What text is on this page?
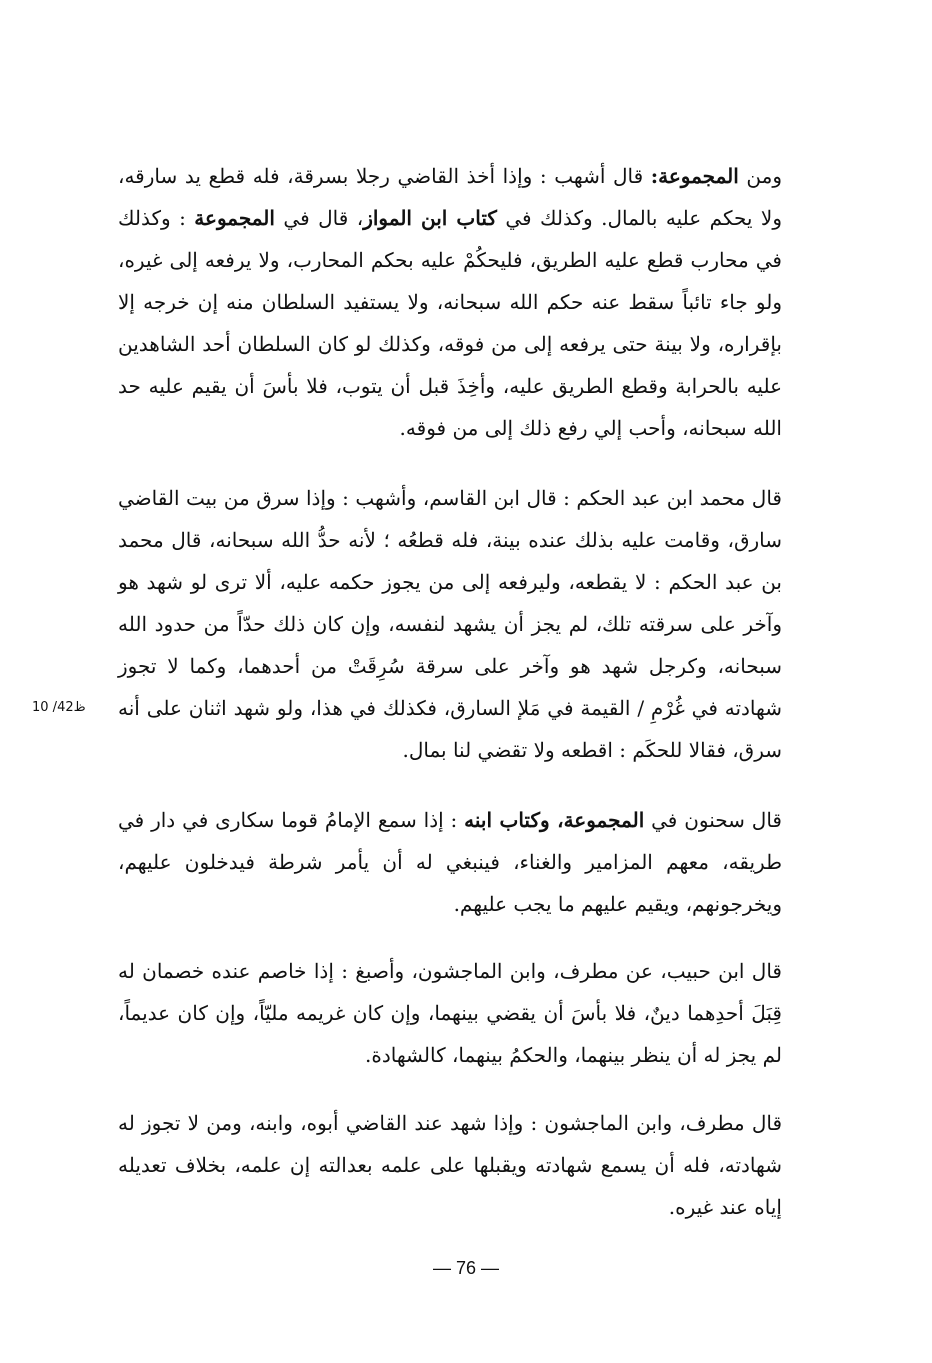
ومن المجموعة: قال أشهب : وإذا أخذ القاضي رجلا بسرقة، فله قطع يد سارقه، ولا يحكم عليه بالمال. وكذلك في كتاب ابن المواز، قال في المجموعة : وكذلك في محارب قطع عليه الطريق، فليحكُمْ عليه بحكم المحارب، ولا يرفعه إلى غيره، ولو جاء تائباً سقط عنه حكم الله سبحانه، ولا يستفيد السلطان منه إن خرجه إلا بإقراره، ولا بينة حتى يرفعه إلى من فوقه، وكذلك لو كان السلطان أحد الشاهدين عليه بالحرابة وقطع الطريق عليه، وأخِذَ قبل أن يتوب، فلا بأسَ أن يقيم عليه حد الله سبحانه، وأحب إلي رفع ذلك إلى من فوقه.

قال محمد ابن عبد الحكم : قال ابن القاسم، وأشهب : وإذا سرق من بيت القاضي سارق، وقامت عليه بذلك عنده بينة، فله قطعُه ؛ لأنه حدُّ الله سبحانه، قال محمد بن عبد الحكم : لا يقطعه، وليرفعه إلى من يجوز حكمه عليه، ألا ترى لو شهد هو وآخر على سرقته تلك، لم يجز أن يشهد لنفسه، وإن كان ذلك حدّاً من حدود الله سبحانه، وكرجل شهد هو وآخر على سرقة سُرِقَتْ من أحدهما، وكما لا تجوز شهادته في غُرْمِ / القيمة في مَلإ السارق، فكذلك في هذا، ولو شهد اثنان على أنه سرق، فقالا للحكَم : اقطعه ولا تقضي لنا بمال.

قال سحنون في المجموعة، وكتاب ابنه : إذا سمع الإمامُ قوما سكارى في دار في طريقه، معهم المزامير والغناء، فينبغي له أن يأمر شرطة فيدخلون عليهم، ويخرجونهم، ويقيم عليهم ما يجب عليهم.

قال ابن حبيب، عن مطرف، وابن الماجشون، وأصبغ : إذا خاصم عنده خصمان له قِبَلَ أحدِهما دينٌ، فلا بأسَ أن يقضي بينهما، وإن كان غريمه مليّاً، وإن كان عديماً، لم يجز له أن ينظر بينهما، والحكمُ بينهما، كالشهادة.

قال مطرف، وابن الماجشون : وإذا شهد عند القاضي أبوه، وابنه، ومن لا تجوز له شهادته، فله أن يسمع شهادته ويقبلها على علمه بعدالته إن علمه، بخلاف تعديله إياه عند غيره.

ظ42/ 10
— 76 —
